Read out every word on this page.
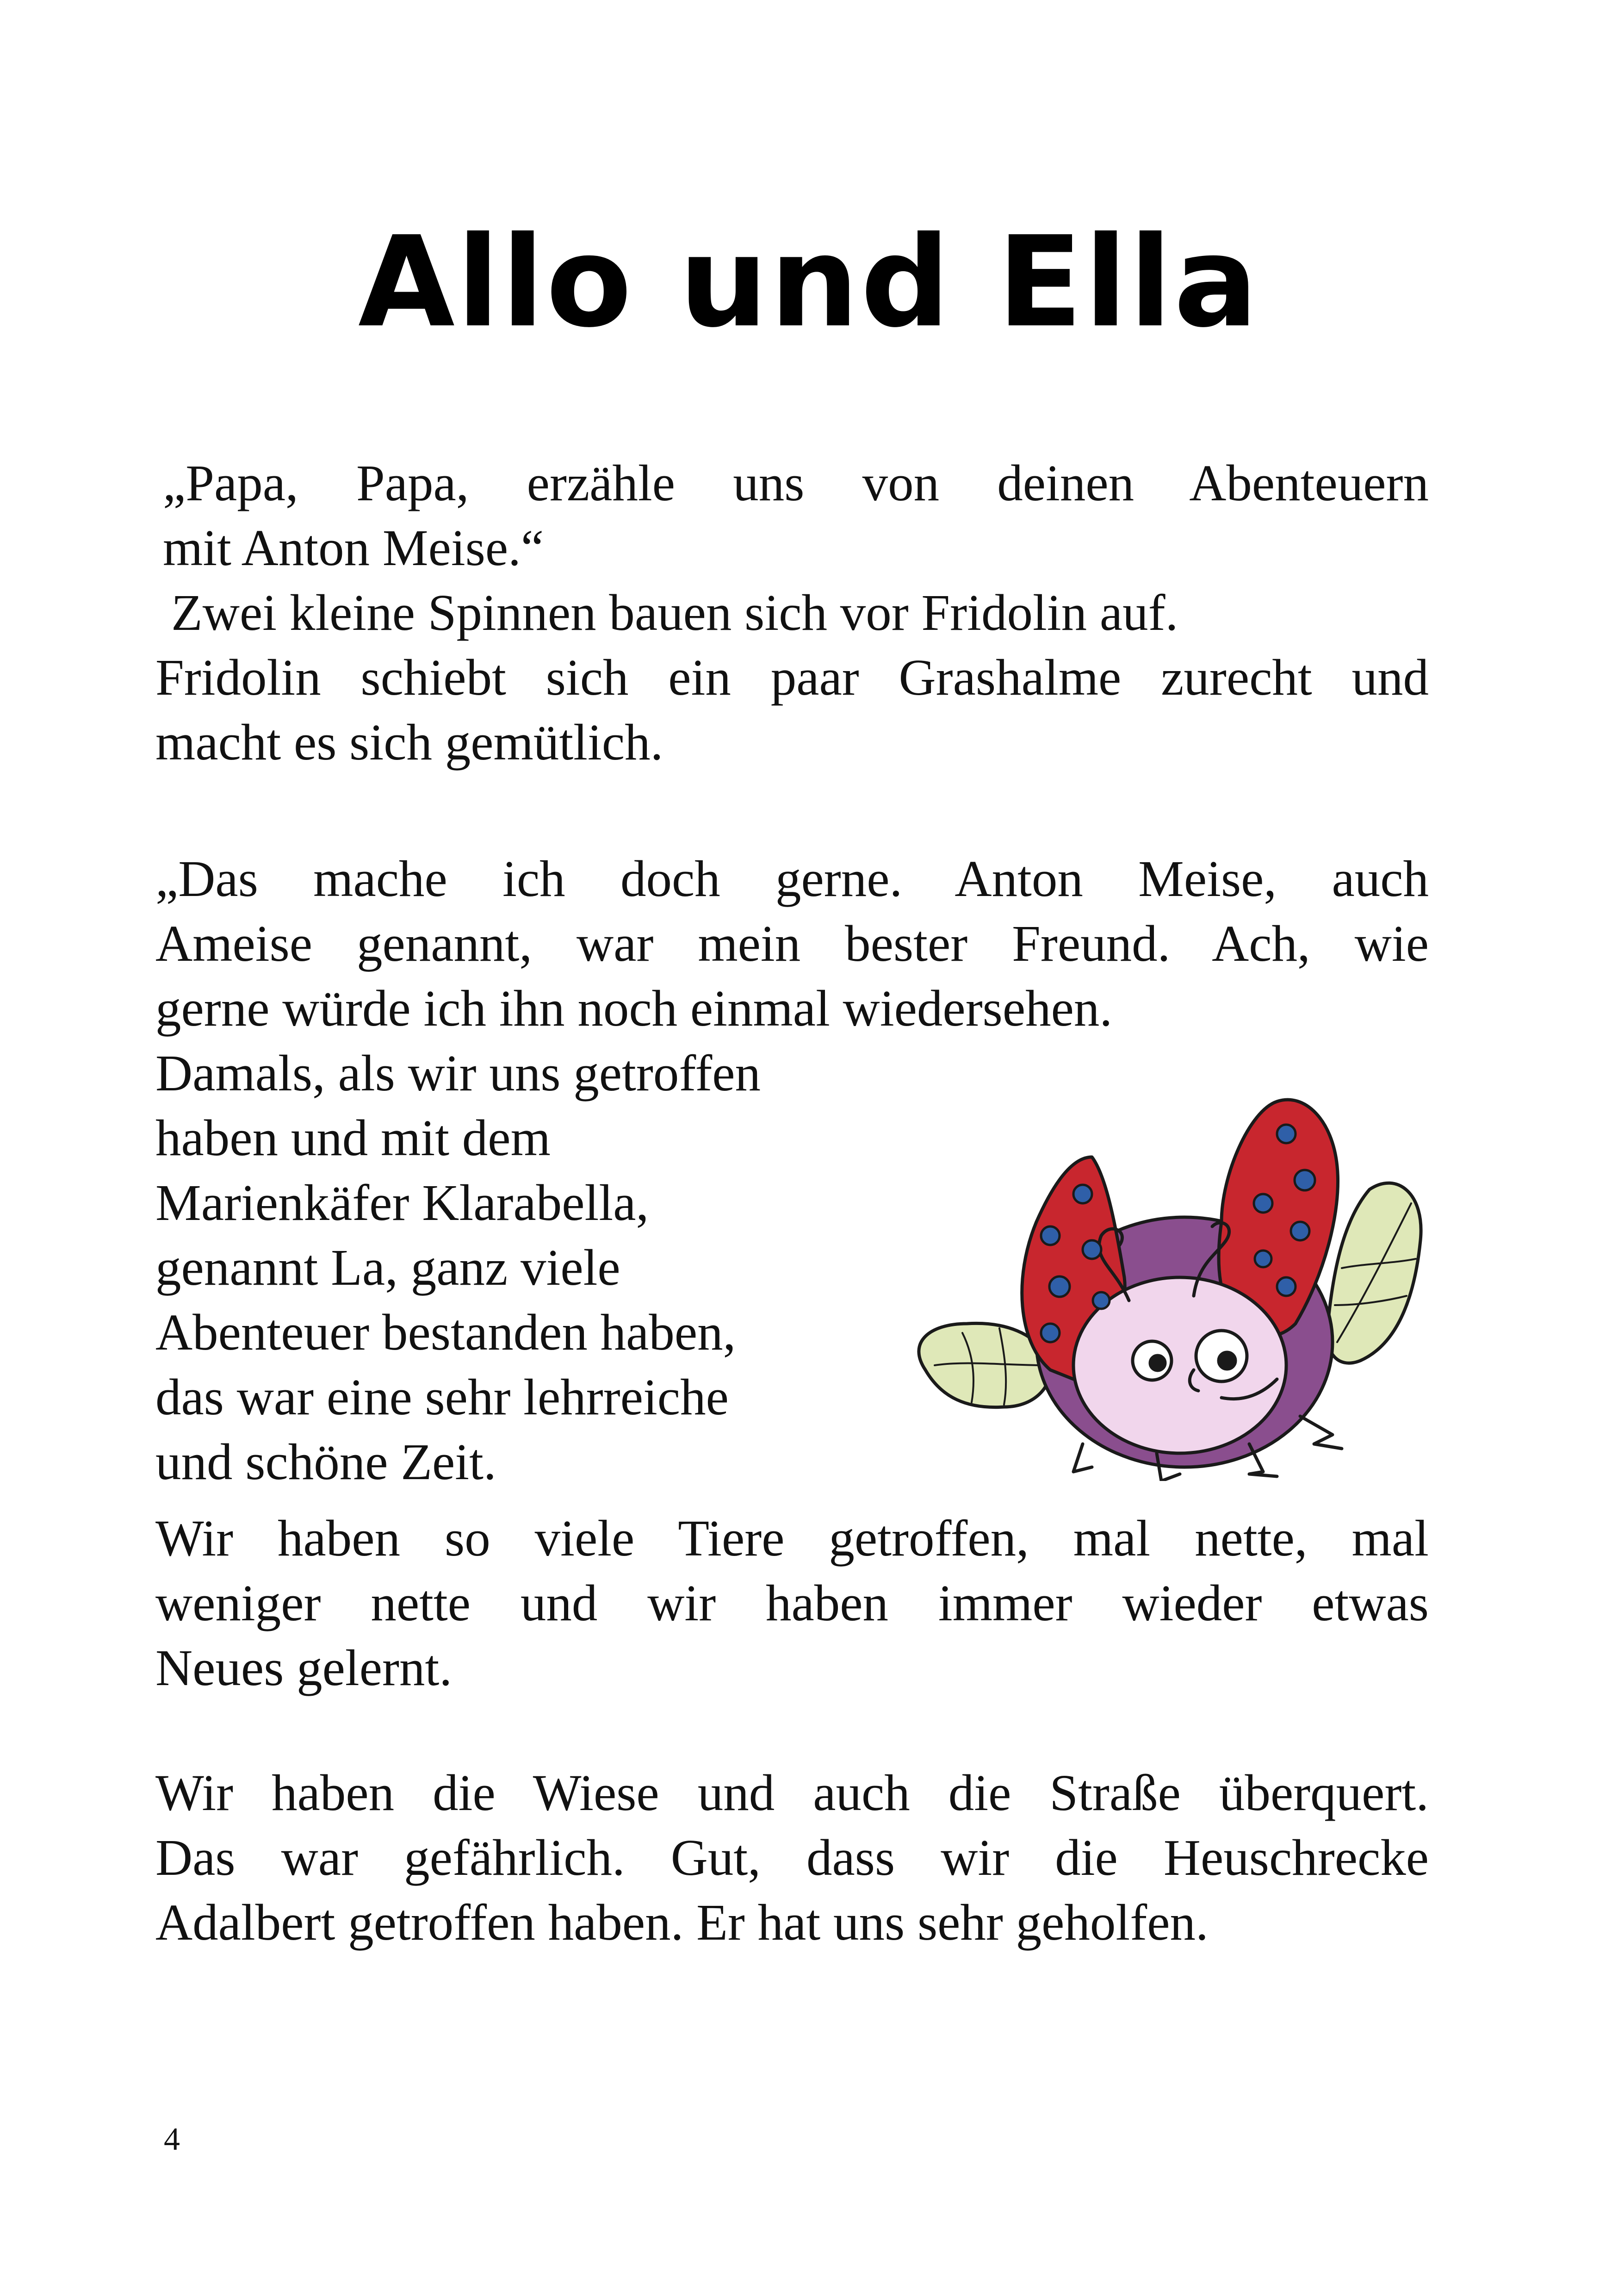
Allo und Ella

„Papa, Papa, erzähle uns von deinen Abenteuern

mit Anton Meise.“

Zwei kleine Spinnen bauen sich vor Fridolin auf.

Fridolin schiebt sich ein paar Grashalme zurecht und

macht es sich gemütlich.

„Das mache ich doch gerne. Anton Meise, auch

Ameise genannt, war mein bester Freund. Ach, wie

gerne würde ich ihn noch einmal wiedersehen.

Damals, als wir uns getroffen

haben und mit dem

Marienkäfer Klarabella,

genannt La, ganz viele

Abenteuer bestanden haben,

das war eine sehr lehrreiche

und schöne Zeit.

Wir haben so viele Tiere getroffen, mal nette, mal

weniger nette und wir haben immer wieder etwas

Neues gelernt.

Wir haben die Wiese und auch die Straße überquert.

Das war gefährlich. Gut, dass wir die Heuschrecke

Adalbert getroffen haben. Er hat uns sehr geholfen.

4
